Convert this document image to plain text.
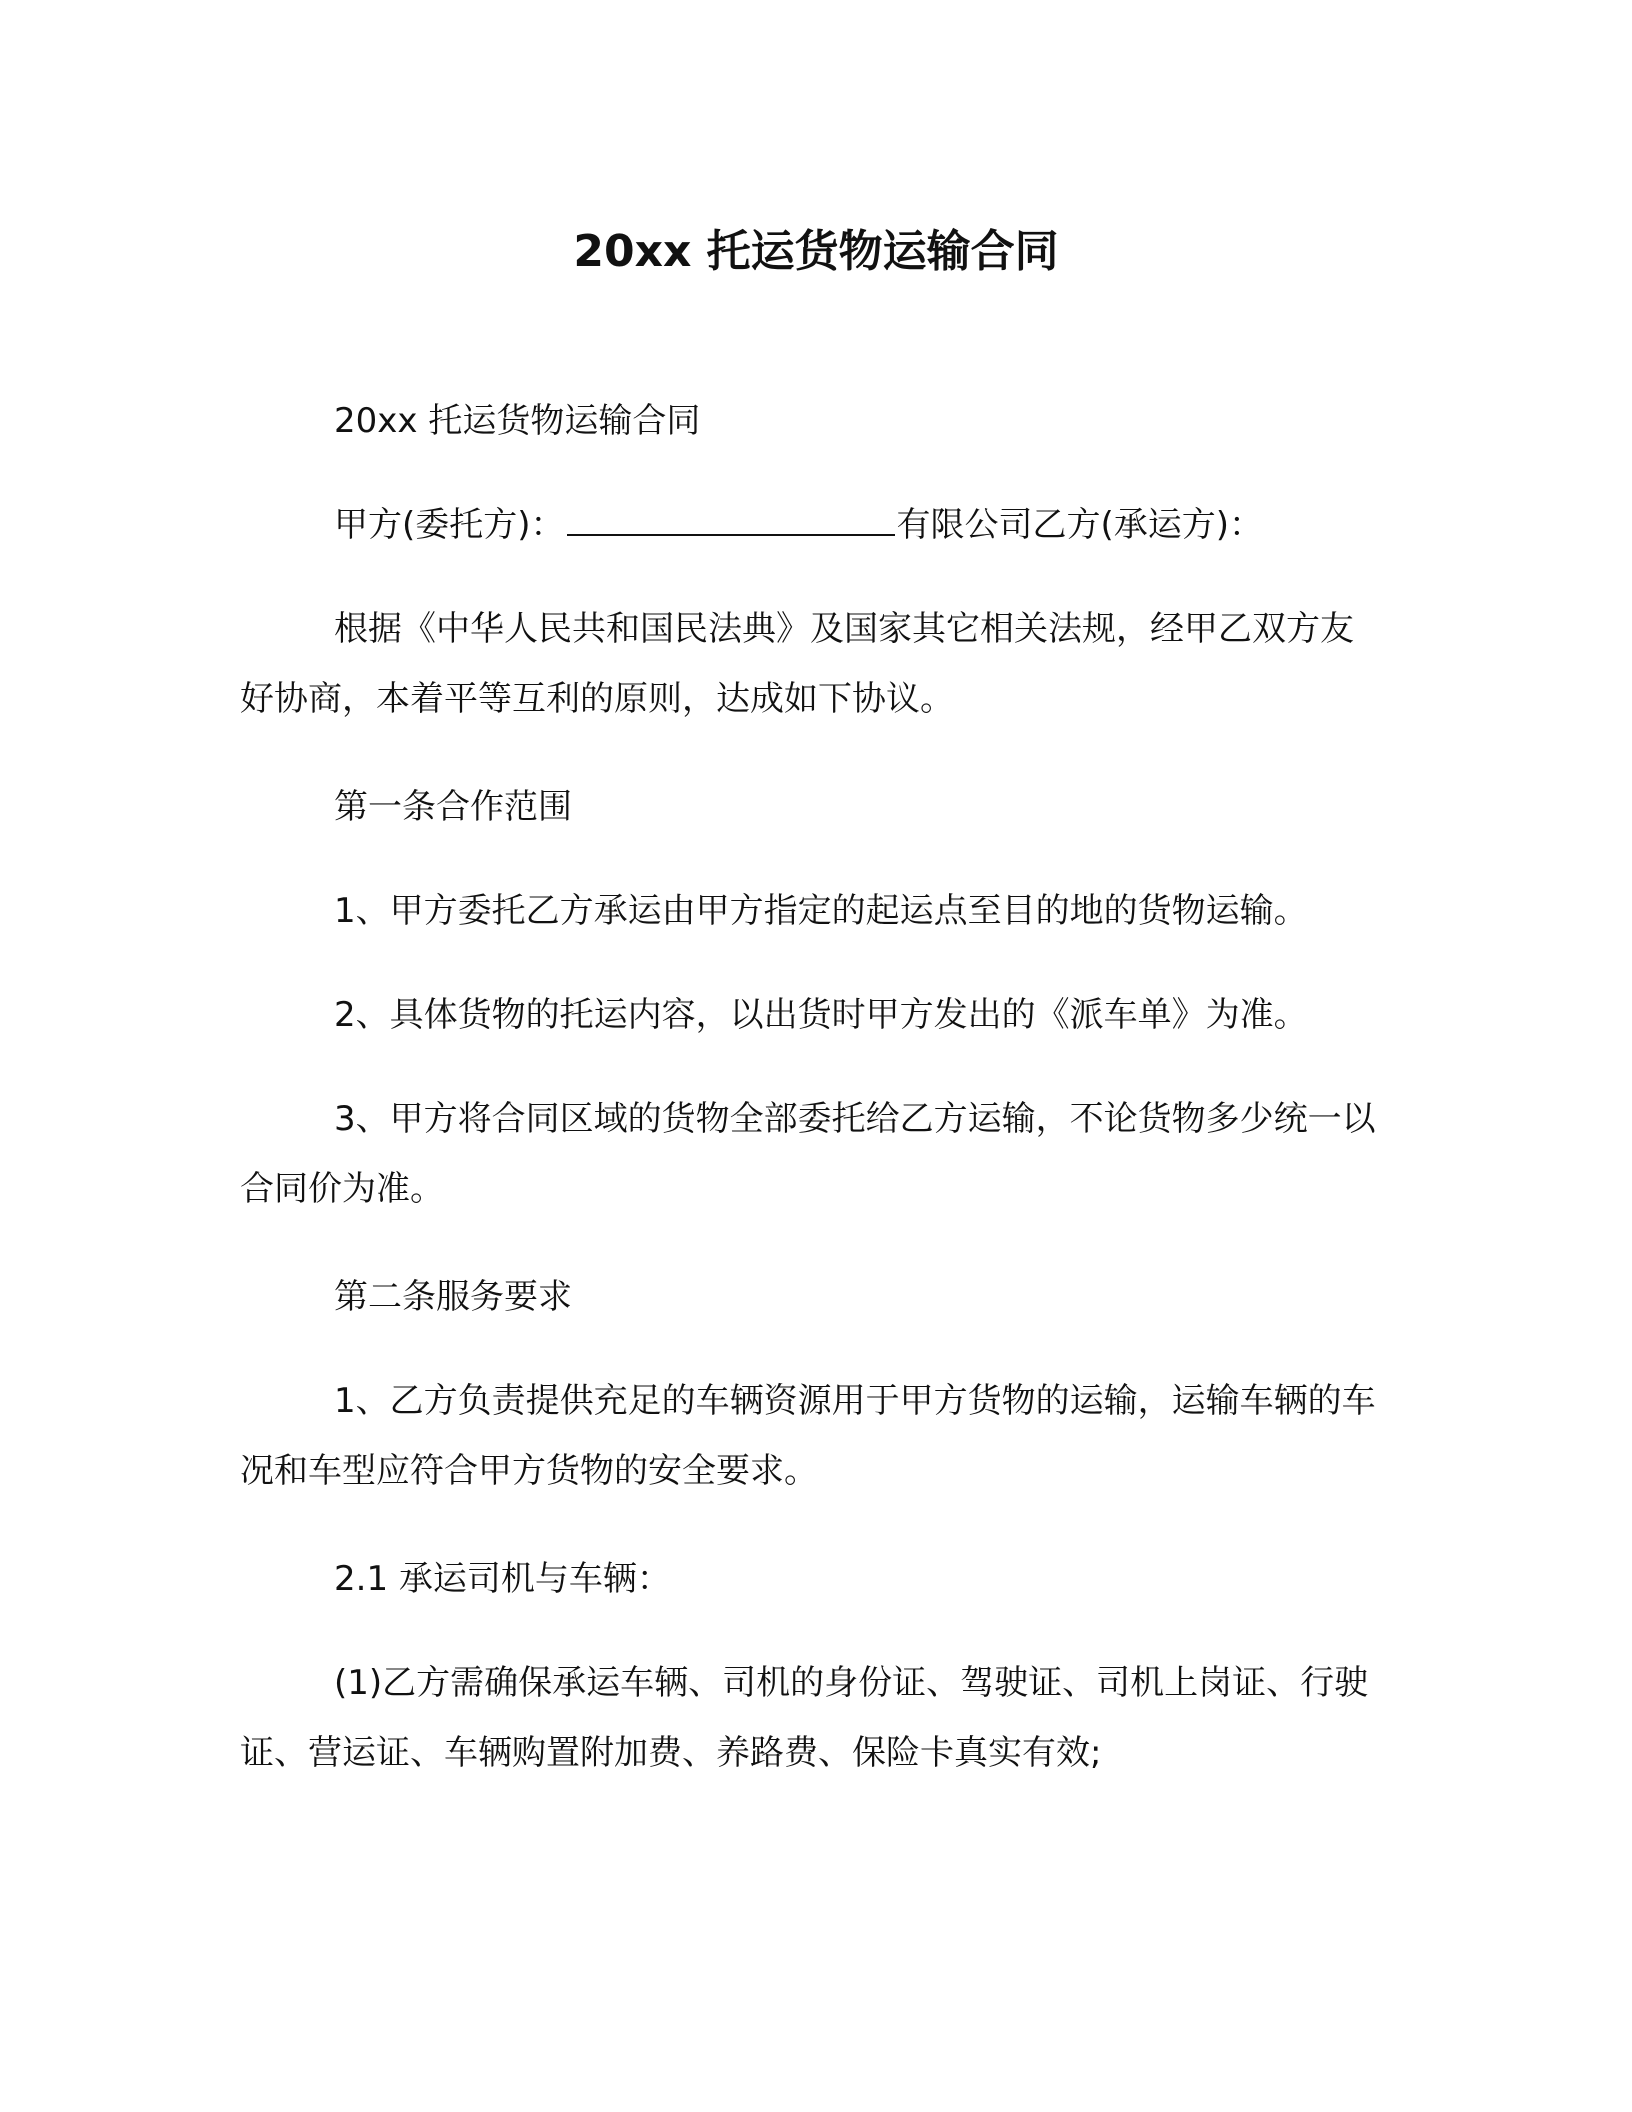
20xx 托运货物运输合同
20xx 托运货物运输合同
甲方(委托方)：	有限公司乙方(承运方)：
根据《中华人民共和国民法典》及国家其它相关法规，经甲乙双方友好协商，本着平等互利的原则，达成如下协议。
第一条合作范围
1、甲方委托乙方承运由甲方指定的起运点至目的地的货物运输。
2、具体货物的托运内容，以出货时甲方发出的《派车单》为准。
3、甲方将合同区域的货物全部委托给乙方运输，不论货物多少统一以合同价为准。
第二条服务要求
1、乙方负责提供充足的车辆资源用于甲方货物的运输，运输车辆的车况和车型应符合甲方货物的安全要求。
2.1 承运司机与车辆：
(1)乙方需确保承运车辆、司机的身份证、驾驶证、司机上岗证、行驶证、营运证、车辆购置附加费、养路费、保险卡真实有效;
